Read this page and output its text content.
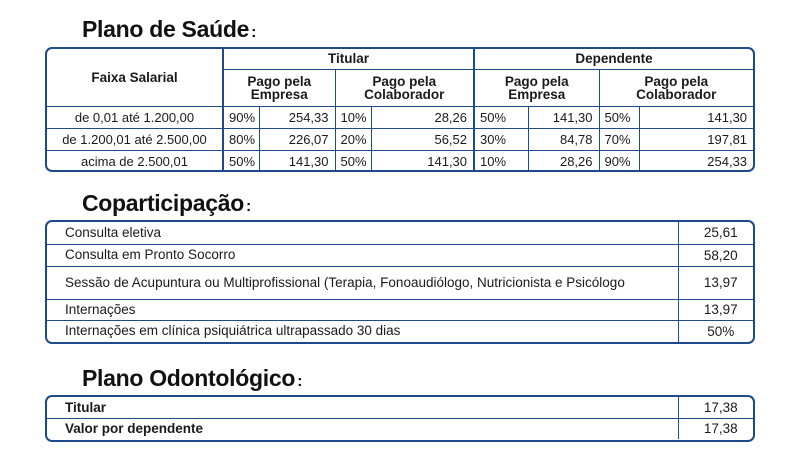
Plano de Saúde :
Faixa Salarial	Titular				Dependente			

	Pago pela Empresa		Pago pela Colaborador		Pago pela Empresa		Pago pela Colaborador	

de 0,01 até 1.200,00	90%	254,33	10%	28,26	50%	141,30	50%	141,30
de 1.200,01 até 2.500,00	80%	226,07	20%	56,52	30%	84,78	70%	197,81
acima de 2.500,01	50%	141,30	50%	141,30	10%	28,26	90%	254,33
Coparticipação :
Consulta eletiva	25,61
Consulta em Pronto Socorro	58,20
Sessão de Acupuntura ou Multiprofissional (Terapia, Fonoaudiólogo, Nutricionista e Psicólogo	13,97
Internações	13,97
Internações em clínica psiquiátrica ultrapassado 30 dias	50%
Plano Odontológico :
Titular	17,38
Valor por dependente	17,38
